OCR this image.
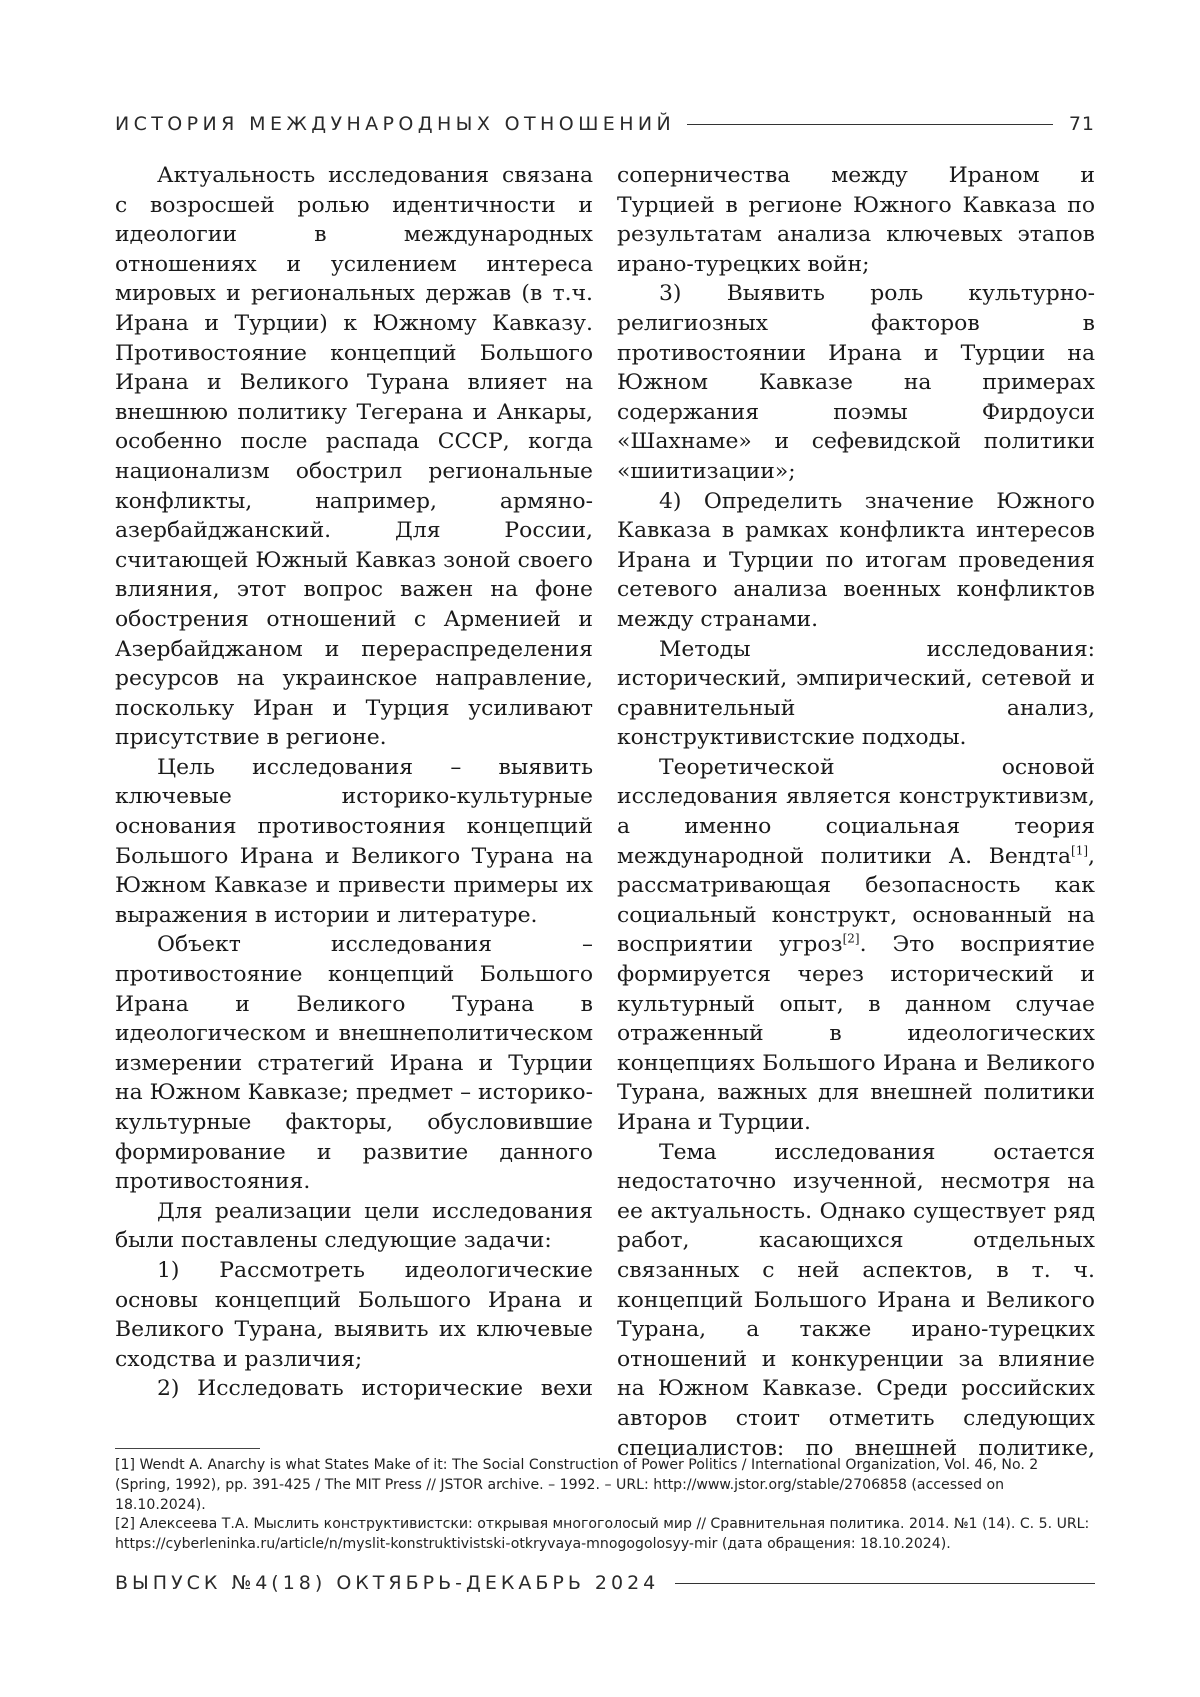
ИСТОРИЯ МЕЖДУНАРОДНЫХ ОТНОШЕНИЙ	71

Актуальность исследования связана с возросшей ролью идентичности и идеологии в международных отношениях и усилением интереса мировых и региональных держав (в т.ч. Ирана и Турции) к Южному Кавказу. Противостояние концепций Большого Ирана и Великого Турана влияет на внешнюю политику Тегерана и Анкары, особенно после распада СССР, когда национализм обострил региональные конфликты, например, армяно-азербайджанский. Для России, считающей Южный Кавказ зоной своего влияния, этот вопрос важен на фоне обострения отношений с Арменией и Азербайджаном и перераспределения ресурсов на украинское направление, поскольку Иран и Турция усиливают присутствие в регионе.

Цель исследования – выявить ключевые историко-культурные основания противостояния концепций Большого Ирана и Великого Турана на Южном Кавказе и привести примеры их выражения в истории и литературе.

Объект исследования – противостояние концепций Большого Ирана и Великого Турана в идеологическом и внешнеполитическом измерении стратегий Ирана и Турции на Южном Кавказе; предмет – историко-культурные факторы, обусловившие формирование и развитие данного противостояния.

Для реализации цели исследования были поставлены следующие задачи:

1) Рассмотреть идеологические основы концепций Большого Ирана и Великого Турана, выявить их ключевые сходства и различия;

2) Исследовать исторические вехи

соперничества между Ираном и Турцией в регионе Южного Кавказа по результатам анализа ключевых этапов ирано-турецких войн;

3) Выявить роль культурно-религиозных факторов в противостоянии Ирана и Турции на Южном Кавказе на примерах содержания поэмы Фирдоуси «Шахнаме» и сефевидской политики «шиитизации»;

4) Определить значение Южного Кавказа в рамках конфликта интересов Ирана и Турции по итогам проведения сетевого анализа военных конфликтов между странами.

Методы исследования: исторический, эмпирический, сетевой и сравнительный анализ, конструктивистские подходы.

Теоретической основой исследования является конструктивизм, а именно социальная теория международной политики А. Вендта[1], рассматривающая безопасность как социальный конструкт, основанный на восприятии угроз[2]. Это восприятие формируется через исторический и культурный опыт, в данном случае отраженный в идеологических концепциях Большого Ирана и Великого Турана, важных для внешней политики Ирана и Турции.

Тема исследования остается недостаточно изученной, несмотря на ее актуальность. Однако существует ряд работ, касающихся отдельных связанных с ней аспектов, в т. ч. концепций Большого Ирана и Великого Турана, а также ирано-турецких отношений и конкуренции за влияние на Южном Кавказе. Среди российских авторов стоит отметить следующих специалистов: по внешней политике,

[1] Wendt A. Anarchy is what States Make of it: The Social Construction of Power Politics / International Organization, Vol. 46, No. 2 (Spring, 1992), pp. 391-425 / The MIT Press // JSTOR archive. – 1992. – URL: http://www.jstor.org/stable/2706858 (accessed on 18.10.2024).

[2] Алексеева Т.А. Мыслить конструктивистски: открывая многоголосый мир // Сравнительная политика. 2014. №1 (14). С. 5. URL: https://cyberleninka.ru/article/n/myslit-konstruktivistski-otkryvaya-mnogogolosyy-mir (дата обращения: 18.10.2024).

ВЫПУСК №4(18) ОКТЯБРЬ-ДЕКАБРЬ 2024
